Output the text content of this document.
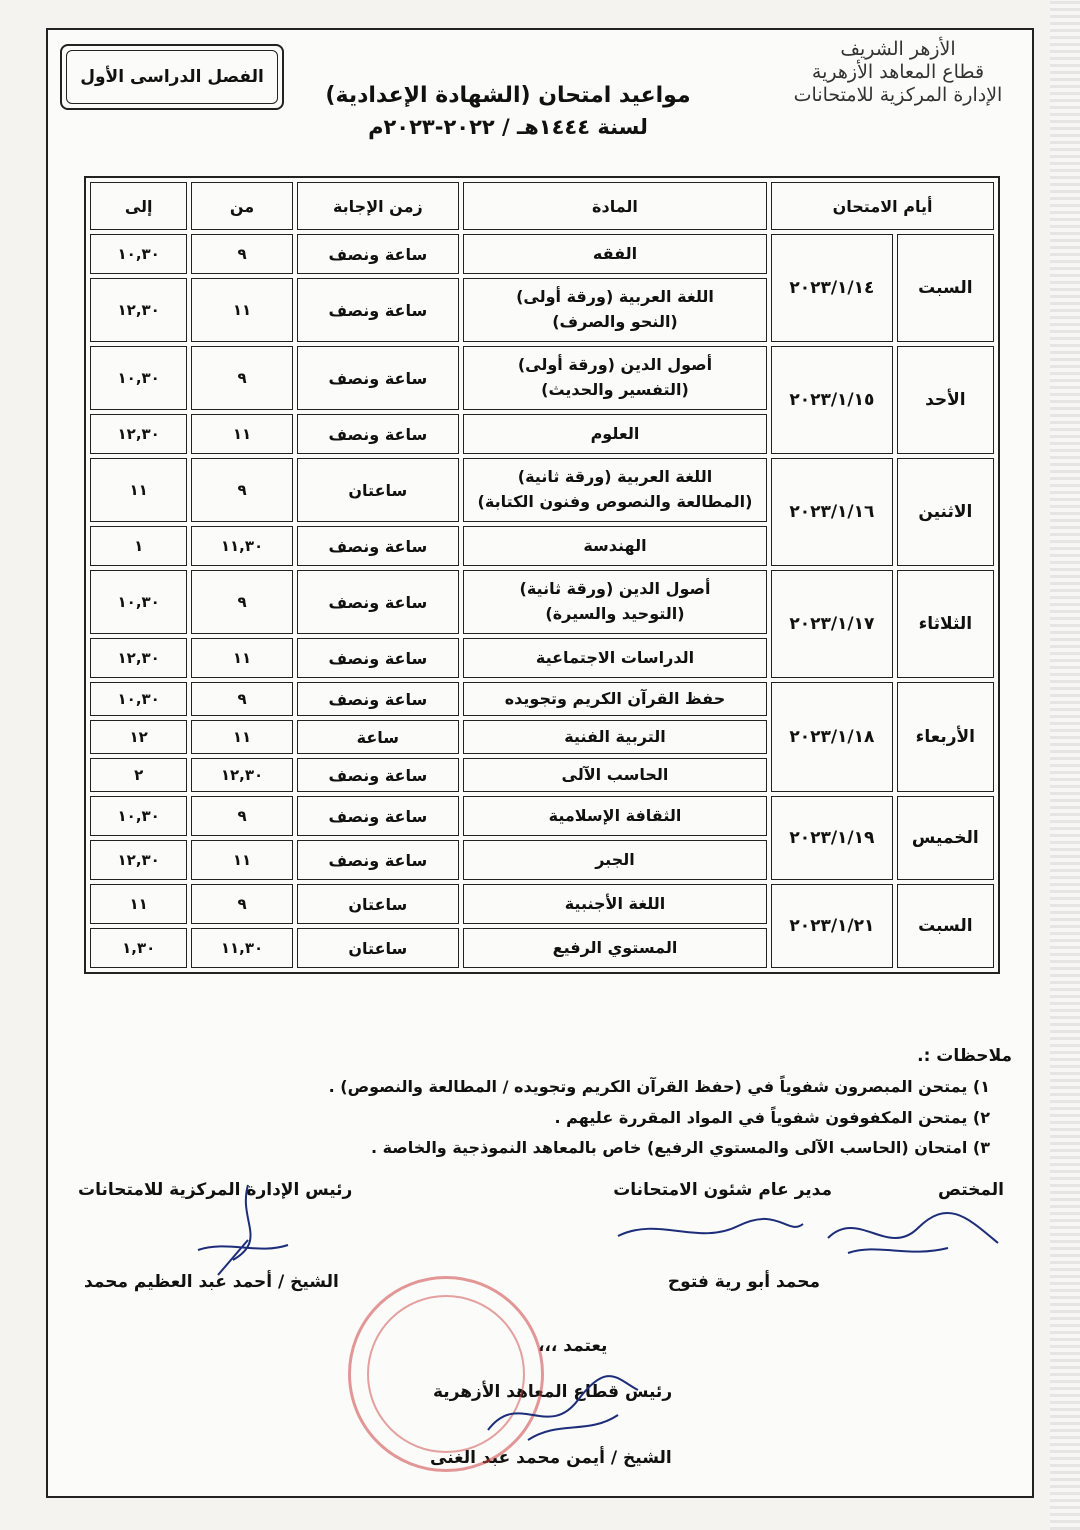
الأزهر الشريف
قطاع المعاهد الأزهرية
الإدارة المركزية للامتحانات
الفصل الدراسى الأول
مواعيد امتحان (الشهادة الإعدادية)
لسنة ١٤٤٤هـ / ٢٠٢٢-٢٠٢٣م
أيام الامتحان		المادة	زمن الإجابة	من	إلى
السبت	٢٠٢٣/١/١٤	الفقه	ساعة ونصف	٩	١٠,٣٠

		اللغة العربية (ورقة أولى)
(النحو والصرف)	ساعة ونصف	١١	١٢,٣٠
الأحد	٢٠٢٣/١/١٥	أصول الدين (ورقة أولى)
(التفسير والحديث)	ساعة ونصف	٩	١٠,٣٠

		العلوم	ساعة ونصف	١١	١٢,٣٠
الاثنين	٢٠٢٣/١/١٦	اللغة العربية (ورقة ثانية)
(المطالعة والنصوص وفنون الكتابة)	ساعتان	٩	١١

		الهندسة	ساعة ونصف	١١,٣٠	١
الثلاثاء	٢٠٢٣/١/١٧	أصول الدين (ورقة ثانية)
(التوحيد والسيرة)	ساعة ونصف	٩	١٠,٣٠

		الدراسات الاجتماعية	ساعة ونصف	١١	١٢,٣٠
الأربعاء	٢٠٢٣/١/١٨	حفظ القرآن الكريم وتجويده	ساعة ونصف	٩	١٠,٣٠

		التربية الفنية	ساعة	١١	١٢

		الحاسب الآلى	ساعة ونصف	١٢,٣٠	٢
الخميس	٢٠٢٣/١/١٩	الثقافة الإسلامية	ساعة ونصف	٩	١٠,٣٠

		الجبر	ساعة ونصف	١١	١٢,٣٠
السبت	٢٠٢٣/١/٢١	اللغة الأجنبية	ساعتان	٩	١١

		المستوي الرفيع	ساعتان	١١,٣٠	١,٣٠
ملاحظات :.
١) يمتحن المبصرون شفوياً في (حفظ القرآن الكريم وتجويده / المطالعة والنصوص) .
٢) يمتحن المكفوفون شفوياً في المواد المقررة عليهم .
٣) امتحان (الحاسب الآلى والمستوي الرفيع) خاص بالمعاهد النموذجية والخاصة .
المختص
مدير عام شئون الامتحانات
محمد أبو رية فتوح
رئيس الإدارة المركزية للامتحانات
الشيخ / أحمد عبد العظيم محمد
يعتمد ،،،
رئيس قطاع المعاهد الأزهرية
الشيخ / أيمن محمد عبد الغنى
